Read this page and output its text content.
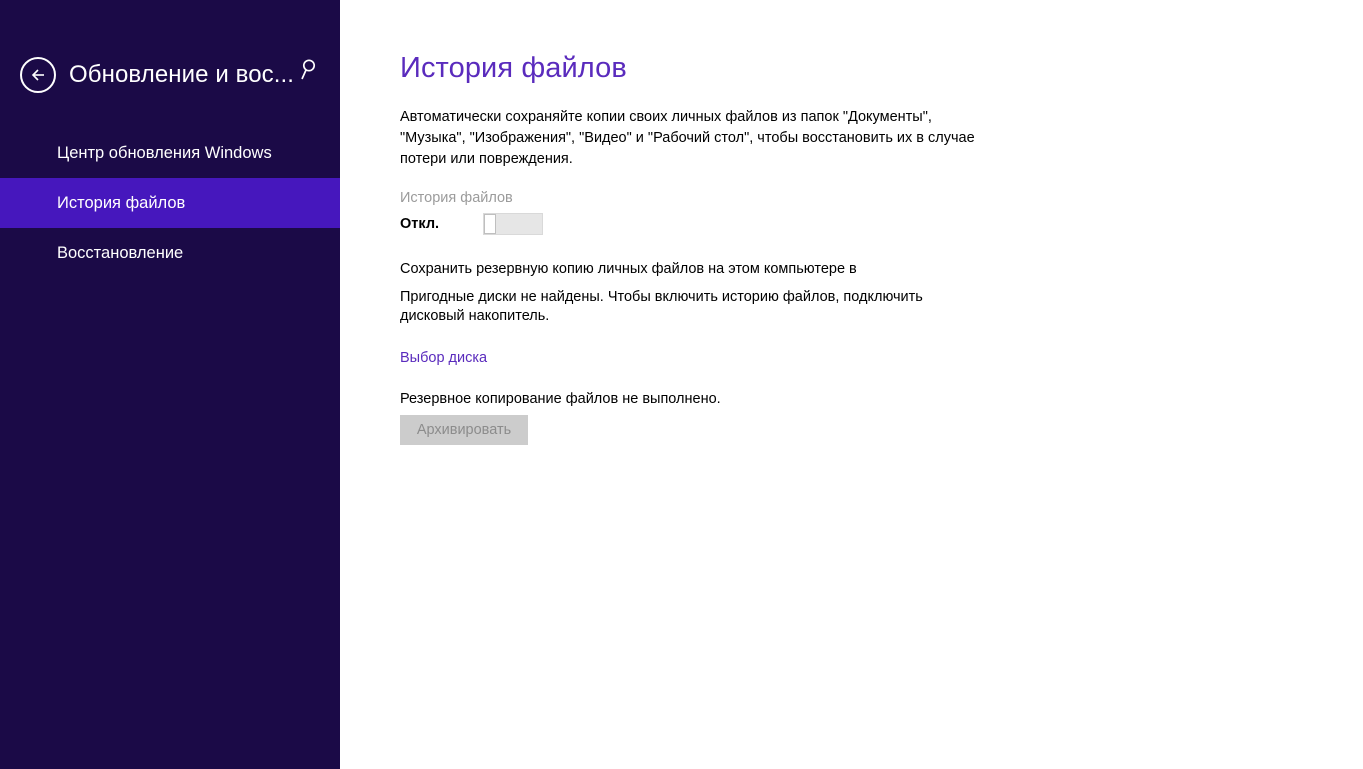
Обновление и вос...
Центр обновления Windows
История файлов
Восстановление
История файлов
Автоматически сохраняйте копии своих личных файлов из папок "Документы", "Музыка", "Изображения", "Видео" и "Рабочий стол", чтобы восстановить их в случае потери или повреждения.
История файлов
Откл.
Сохранить резервную копию личных файлов на этом компьютере в
Пригодные диски не найдены. Чтобы включить историю файлов, подключить дисковый накопитель.
Выбор диска
Резервное копирование файлов не выполнено.
Архивировать
